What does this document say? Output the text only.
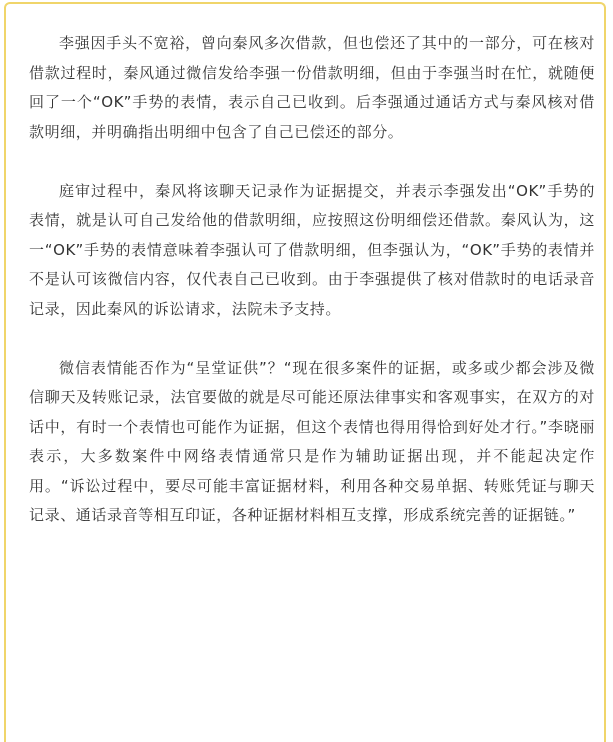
李强因手头不宽裕，曾向秦风多次借款，但也偿还了其中的一部分，可在核对借款过程时，秦风通过微信发给李强一份借款明细，但由于李强当时在忙，就随便回了一个“OK”手势的表情，表示自己已收到。后李强通过通话方式与秦风核对借款明细，并明确指出明细中包含了自己已偿还的部分。

庭审过程中，秦风将该聊天记录作为证据提交，并表示李强发出“OK”手势的表情，就是认可自己发给他的借款明细，应按照这份明细偿还借款。秦风认为，这一“OK”手势的表情意味着李强认可了借款明细，但李强认为，“OK”手势的表情并不是认可该微信内容，仅代表自己已收到。由于李强提供了核对借款时的电话录音记录，因此秦风的诉讼请求，法院未予支持。

微信表情能否作为“呈堂证供”？“现在很多案件的证据，或多或少都会涉及微信聊天及转账记录，法官要做的就是尽可能还原法律事实和客观事实，在双方的对话中，有时一个表情也可能作为证据，但这个表情也得用得恰到好处才行。”李晓丽表示，大多数案件中网络表情通常只是作为辅助证据出现，并不能起决定作用。“诉讼过程中，要尽可能丰富证据材料，利用各种交易单据、转账凭证与聊天记录、通话录音等相互印证，各种证据材料相互支撑，形成系统完善的证据链。”
